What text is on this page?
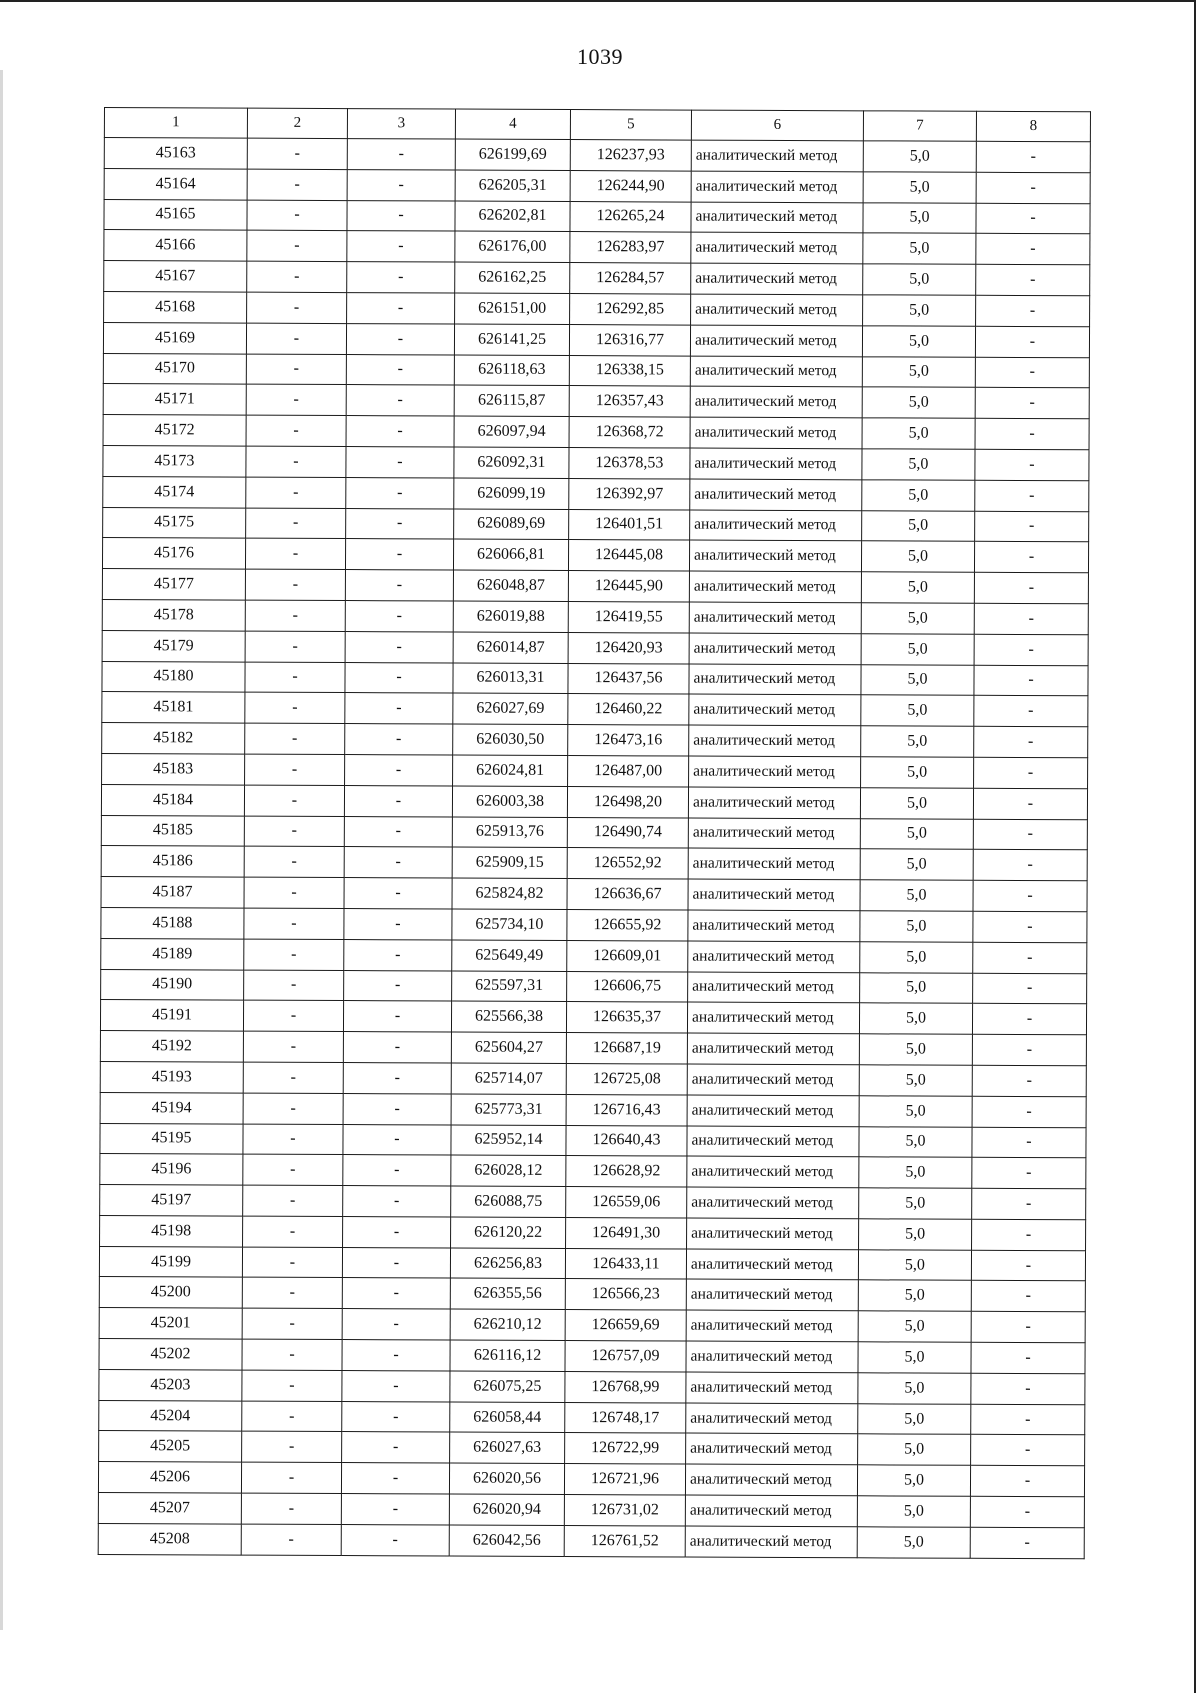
1039
1	2	3	4	5	6	7	8
45163	-	-	626199,69	126237,93	аналитический метод	5,0	-
45164	-	-	626205,31	126244,90	аналитический метод	5,0	-
45165	-	-	626202,81	126265,24	аналитический метод	5,0	-
45166	-	-	626176,00	126283,97	аналитический метод	5,0	-
45167	-	-	626162,25	126284,57	аналитический метод	5,0	-
45168	-	-	626151,00	126292,85	аналитический метод	5,0	-
45169	-	-	626141,25	126316,77	аналитический метод	5,0	-
45170	-	-	626118,63	126338,15	аналитический метод	5,0	-
45171	-	-	626115,87	126357,43	аналитический метод	5,0	-
45172	-	-	626097,94	126368,72	аналитический метод	5,0	-
45173	-	-	626092,31	126378,53	аналитический метод	5,0	-
45174	-	-	626099,19	126392,97	аналитический метод	5,0	-
45175	-	-	626089,69	126401,51	аналитический метод	5,0	-
45176	-	-	626066,81	126445,08	аналитический метод	5,0	-
45177	-	-	626048,87	126445,90	аналитический метод	5,0	-
45178	-	-	626019,88	126419,55	аналитический метод	5,0	-
45179	-	-	626014,87	126420,93	аналитический метод	5,0	-
45180	-	-	626013,31	126437,56	аналитический метод	5,0	-
45181	-	-	626027,69	126460,22	аналитический метод	5,0	-
45182	-	-	626030,50	126473,16	аналитический метод	5,0	-
45183	-	-	626024,81	126487,00	аналитический метод	5,0	-
45184	-	-	626003,38	126498,20	аналитический метод	5,0	-
45185	-	-	625913,76	126490,74	аналитический метод	5,0	-
45186	-	-	625909,15	126552,92	аналитический метод	5,0	-
45187	-	-	625824,82	126636,67	аналитический метод	5,0	-
45188	-	-	625734,10	126655,92	аналитический метод	5,0	-
45189	-	-	625649,49	126609,01	аналитический метод	5,0	-
45190	-	-	625597,31	126606,75	аналитический метод	5,0	-
45191	-	-	625566,38	126635,37	аналитический метод	5,0	-
45192	-	-	625604,27	126687,19	аналитический метод	5,0	-
45193	-	-	625714,07	126725,08	аналитический метод	5,0	-
45194	-	-	625773,31	126716,43	аналитический метод	5,0	-
45195	-	-	625952,14	126640,43	аналитический метод	5,0	-
45196	-	-	626028,12	126628,92	аналитический метод	5,0	-
45197	-	-	626088,75	126559,06	аналитический метод	5,0	-
45198	-	-	626120,22	126491,30	аналитический метод	5,0	-
45199	-	-	626256,83	126433,11	аналитический метод	5,0	-
45200	-	-	626355,56	126566,23	аналитический метод	5,0	-
45201	-	-	626210,12	126659,69	аналитический метод	5,0	-
45202	-	-	626116,12	126757,09	аналитический метод	5,0	-
45203	-	-	626075,25	126768,99	аналитический метод	5,0	-
45204	-	-	626058,44	126748,17	аналитический метод	5,0	-
45205	-	-	626027,63	126722,99	аналитический метод	5,0	-
45206	-	-	626020,56	126721,96	аналитический метод	5,0	-
45207	-	-	626020,94	126731,02	аналитический метод	5,0	-
45208	-	-	626042,56	126761,52	аналитический метод	5,0	-
